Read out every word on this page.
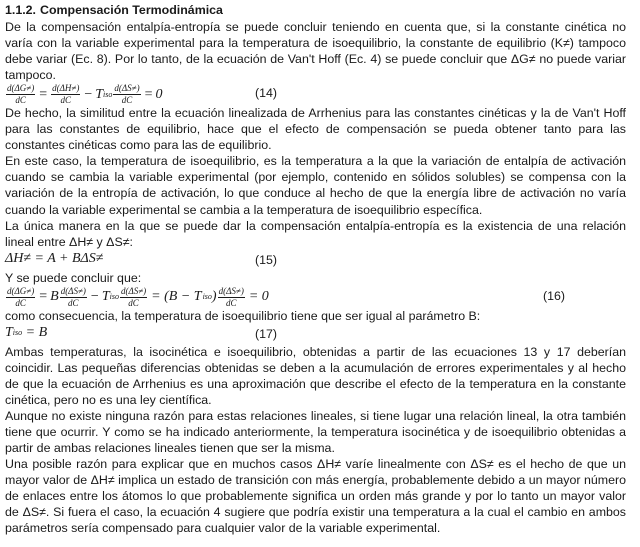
1.1.2. Compensación Termodinámica

De la compensación entalpía-entropía se puede concluir teniendo en cuenta que, si la constante cinética no varía con la variable experimental para la temperatura de isoequilibrio, la constante de equilibrio (K≠) tampoco debe variar (Ec. 8). Por lo tanto, de la ecuación de Van't Hoff (Ec. 4) se puede concluir que ΔG≠ no puede variar tampoco.

$\frac{d(\Delta G\ne)}{dC} = \frac{d(\Delta H\ne)}{dC} - T$ iso $\frac{d(\Delta S\ne)}{dC} = 0$	(14)

De hecho, la similitud entre la ecuación linealizada de Arrhenius para las constantes cinéticas y la de Van't Hoff para las constantes de equilibrio, hace que el efecto de compensación se pueda obtener tanto para las constantes cinéticas como para las de equilibrio.

En este caso, la temperatura de isoequilibrio, es la temperatura a la que la variación de entalpía de activación cuando se cambia la variable experimental (por ejemplo, contenido en sólidos solubles) se compensa con la variación de la entropía de activación, lo que conduce al hecho de que la energía libre de activación no varía cuando la variable experimental se cambia a la temperatura de isoequilibrio específica.

La única manera en la que se puede dar la compensación entalpía-entropía es la existencia de una relación lineal entre ΔH≠ y ΔS≠:

ΔH≠ = A + BΔS≠	(15)

Y se puede concluir que:

$\frac{d(\Delta G\ne)}{dC} = B \frac{d(\Delta S\ne)}{dC} - T$ iso $\frac{d(\Delta S\ne)}{dC} = (B - T$ iso ) $\frac{d(\Delta S\ne)}{dC} = 0$	(16)

como consecuencia, la temperatura de isoequilibrio tiene que ser igual al parámetro B:

T iso = B	(17)

Ambas temperaturas, la isocinética e isoequilibrio, obtenidas a partir de las ecuaciones 13 y 17 deberían coincidir. Las pequeñas diferencias obtenidas se deben a la acumulación de errores experimentales y al hecho de que la ecuación de Arrhenius es una aproximación que describe el efecto de la temperatura en la constante cinética, pero no es una ley científica.

Aunque no existe ninguna razón para estas relaciones lineales, si tiene lugar una relación lineal, la otra también tiene que ocurrir. Y como se ha indicado anteriormente, la temperatura isocinética y de isoequilibrio obtenidas a partir de ambas relaciones lineales tienen que ser la misma.

Una posible razón para explicar que en muchos casos ΔH≠ varíe linealmente con ΔS≠ es el hecho de que un mayor valor de ΔH≠ implica un estado de transición con más energía, probablemente debido a un mayor número de enlaces entre los átomos lo que probablemente significa un orden más grande y por lo tanto un mayor valor de ΔS≠. Si fuera el caso, la ecuación 4 sugiere que podría existir una temperatura a la cual el cambio en ambos parámetros sería compensado para cualquier valor de la variable experimental.
